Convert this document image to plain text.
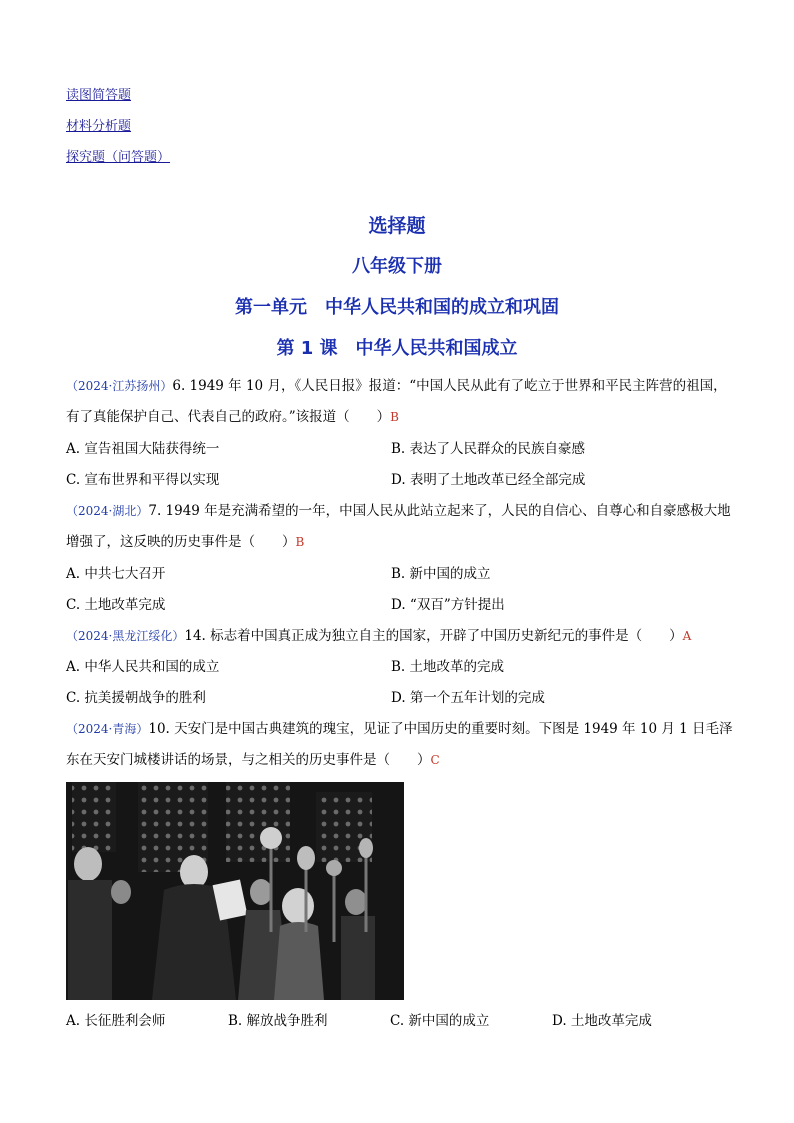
读图简答题
材料分析题
探究题（问答题）
选择题
八年级下册
第一单元　中华人民共和国的成立和巩固
第 1 课　中华人民共和国成立
（2024·江苏扬州）6. 1949 年 10 月，《人民日报》报道：“中国人民从此有了屹立于世界和平民主阵营的祖国，有了真能保护自己、代表自己的政府。”该报道（　　）B
A. 宣告祖国大陆获得统一	B. 表达了人民群众的民族自豪感
C. 宣布世界和平得以实现	D. 表明了土地改革已经全部完成
（2024·湖北）7. 1949 年是充满希望的一年，中国人民从此站立起来了，人民的自信心、自尊心和自豪感极大地增强了，这反映的历史事件是（　　）B
A. 中共七大召开	B. 新中国的成立
C. 土地改革完成	D. “双百”方针提出
（2024·黑龙江绥化）14. 标志着中国真正成为独立自主的国家，开辟了中国历史新纪元的事件是（　　）A
A. 中华人民共和国的成立	B. 土地改革的完成
C. 抗美援朝战争的胜利	D. 第一个五年计划的完成
（2024·青海）10. 天安门是中国古典建筑的瑰宝，见证了中国历史的重要时刻。下图是 1949 年 10 月 1 日毛泽东在天安门城楼讲话的场景，与之相关的历史事件是（　　）C
A. 长征胜利会师	B. 解放战争胜利	C. 新中国的成立	D. 土地改革完成
